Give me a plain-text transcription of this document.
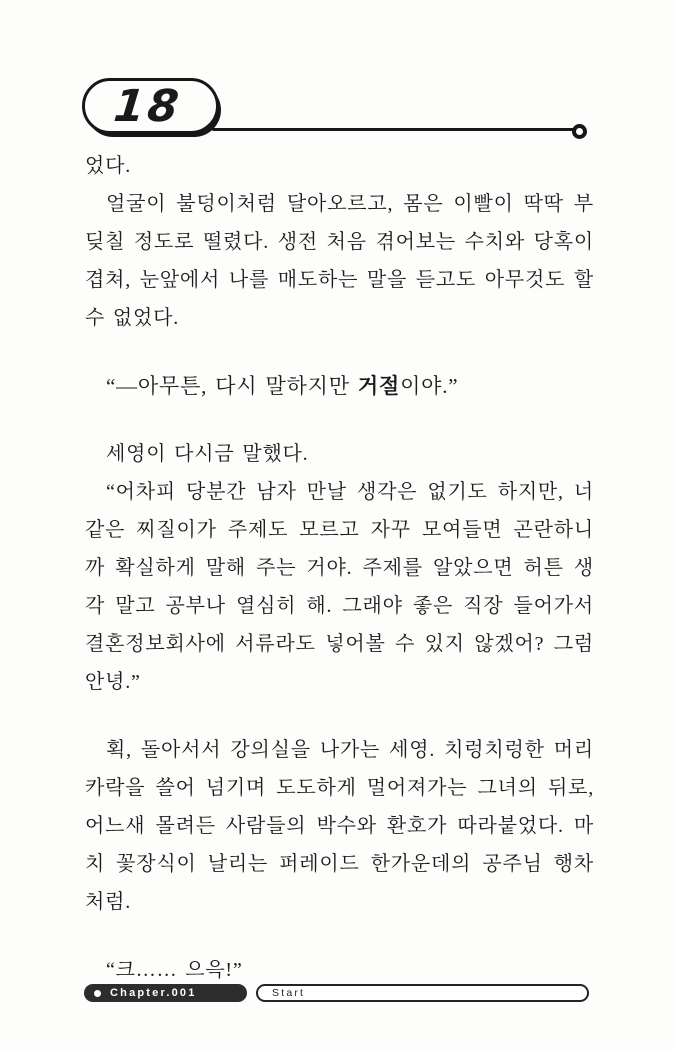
18

었다.

얼굴이 불덩이처럼 달아오르고, 몸은 이빨이 딱딱 부딪칠 정도로 떨렸다. 생전 처음 겪어보는 수치와 당혹이 겹쳐, 눈앞에서 나를 매도하는 말을 듣고도 아무것도 할 수 없었다.

“—아무튼, 다시 말하지만 거절이야.”

세영이 다시금 말했다.

“어차피 당분간 남자 만날 생각은 없기도 하지만, 너 같은 찌질이가 주제도 모르고 자꾸 모여들면 곤란하니까 확실하게 말해 주는 거야. 주제를 알았으면 허튼 생각 말고 공부나 열심히 해. 그래야 좋은 직장 들어가서 결혼정보회사에 서류라도 넣어볼 수 있지 않겠어? 그럼 안녕.”

획, 돌아서서 강의실을 나가는 세영. 치렁치렁한 머리카락을 쓸어 넘기며 도도하게 멀어져가는 그녀의 뒤로, 어느새 몰려든 사람들의 박수와 환호가 따라붙었다. 마치 꽃장식이 날리는 퍼레이드 한가운데의 공주님 행차처럼.

“크…… 으윽!”

Chapter.001	Start
